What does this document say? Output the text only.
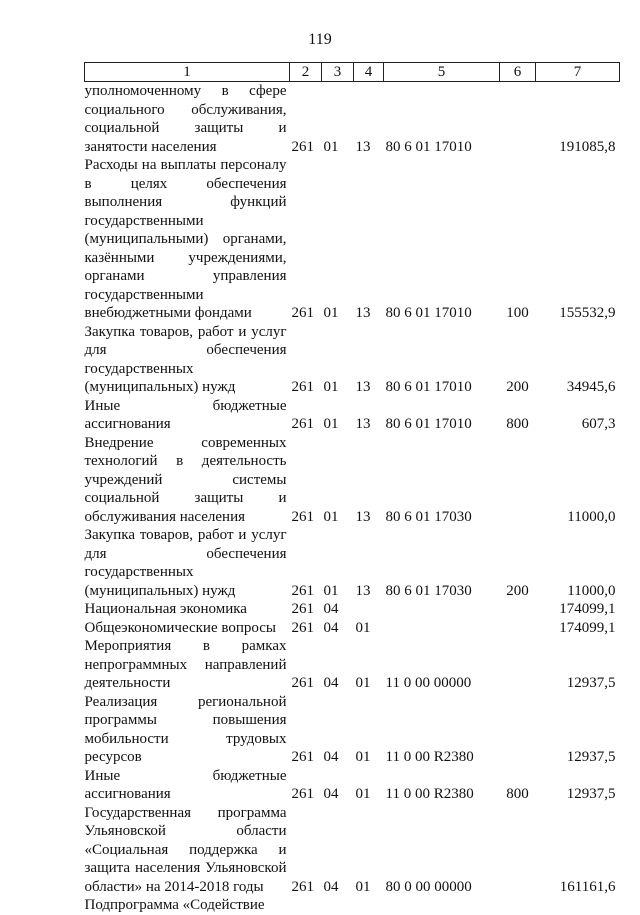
119
1	2	3	4	5	6	7
уполномоченному в сфере социального обслуживания, социальной защиты и занятости населения	261	01	13	80 6 01 17010		191085,8
Расходы на выплаты персоналу в целях обеспечения выполнения функций государственными (муниципальными) органами, казёнными учреждениями, органами управления государственными внебюджетными фондами	261	01	13	80 6 01 17010	100	155532,9
Закупка товаров, работ и услуг для обеспечения государственных (муниципальных) нужд	261	01	13	80 6 01 17010	200	34945,6
Иные бюджетные ассигнования	261	01	13	80 6 01 17010	800	607,3
Внедрение современных технологий в деятельность учреждений системы социальной защиты и обслуживания населения	261	01	13	80 6 01 17030		11000,0
Закупка товаров, работ и услуг для обеспечения государственных (муниципальных) нужд	261	01	13	80 6 01 17030	200	11000,0
Национальная экономика	261	04				174099,1
Общеэкономические вопросы	261	04	01			174099,1
Мероприятия в рамках непрограммных направлений деятельности	261	04	01	11 0 00 00000		12937,5
Реализация региональной программы повышения мобильности трудовых ресурсов	261	04	01	11 0 00 R2380		12937,5
Иные бюджетные ассигнования	261	04	01	11 0 00 R2380	800	12937,5
Государственная программа Ульяновской области «Социальная поддержка и защита населения Ульяновской области» на 2014-2018 годы	261	04	01	80 0 00 00000		161161,6
Подпрограмма «Содействие						
